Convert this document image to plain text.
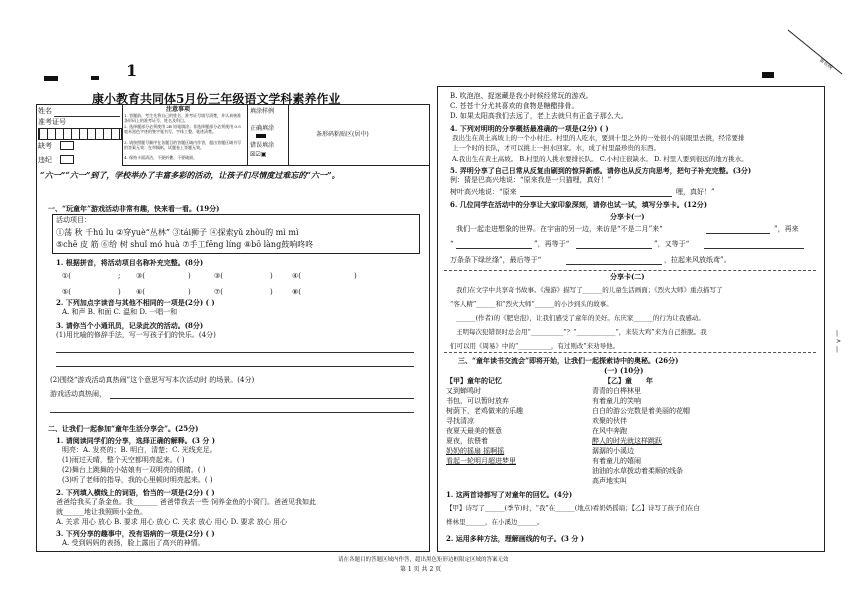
1	留在线
康小教育共同体5月份三年级语文学科素养作业
姓名
准考证号
缺考
违纪
注意事项
1. 答题前，考生先将自己的姓名、准考证号填写清楚，并认真核准条形码上的准考证号、姓名及科目。
2. 选择题部分必须使用 2B 铅笔填涂；非选择题部分必须使用 0.5 毫米黑色字迹的签字笔书写，字体工整、笔迹清楚。
3. 请按照题号顺序在各题目的答题区域内作答，超出答题区域书写的答案无效；在草稿纸、试题卷上答题无效。
4. 保持卡面清洁，不要折叠、不要破损。
填涂样例
正确填涂
错误填涂
☒☑▣
条形码粘贴区(居中)
“六一”“六一”到了，学校举办了丰富多彩的活动，让孩子们尽情度过难忘的“六一”。
一、“玩童年”游戏活动非常有趣，快来看一看。(19分)
活动项目：
①荡 秋 千hú lu ②穿yuè“丛林” ③tái狮子 ④探索yǔ zhòu的 mì mì
⑤chē 皮 筋 ⑥给 树 shuǐ mó huà ⑦手工fēng líng ⑧bō làng鼓响咚咚
1. 根据拼音，将活动项目名称补充完整。(8分)
①(	; ③(	)	③(	)	④(	)
⑤(	) ⑥(	)	⑦(	)	⑧(
2. 下列加点字读音与其他不相同的一项是(2分) ( )
A. 和声 B. 和面 C. 温和 D. 一唱一和
3. 请你当个小通讯员，记录此次的活动。(8分)
(1)用比喻的修辞手法，写一写孩子们的快乐。(4分)
(2)围绕“游戏活动真热闹”这个意思写写本次活动时 的场景。(4分)
游戏活动真热闹，
二、让我们一起参加“童年生活分享会”。(25分)
1. 请阅读同学们的分享，选择正确的解释。(3 分 )
明亮：A. 发亮的；B. 明白，清楚；C. 光线充足。
(1)雨过天晴，整个天空都明亮起来。( )
(2)舞台上跳舞的小姑娘有一双明亮的眼睛。( )
(3)听了老师的指导，我的心里顿时明亮起来。( )
2. 下列填入横线上的词语，恰当的一项是(2分) ( )
爸爸给我买了条金鱼。我_______ 爸爸带我去一些 饲养金鱼的小窝门。爸爸见我如此
就______地让我照顾小金鱼。
A. 关求 用心 放心 B. 要求 用心 放心 C. 关求 放心 用心 D. 要求 放心 用心
3. 下列分享的趣事中，没有语病的一项是(2分) ( )
A. 受到妈妈的表扬，脸上露出了高兴的神情。
B. 吹泡泡、捉迷藏是我小时候经常玩的游戏。
C. 苍苍十分尤其喜欢的食物是糖醋排骨。
D. 如果太阳高我们去远了，老上去就只有正盒子那么大。
4. 下列对明明的分享概括最准确的一项是(2分) ( )
我出生在黄土高坡上的一个小村庄。村里的人吃水，要到十里之外的一处很小的泉眼里去挑，经常要排
上一个时的长队，才可以挑上一担水回家。水，成了村里最珍贵的东西。
A.我出生在黄土高坡。 B.村里的人挑水要排长队。 C.小村庄很缺水。 D. 村里人要到很远的地方挑水。
5. 弄明分享了自己日常从反复由刷到的惊异新感。请你也从反方向思考，把句子补充完整。(3分)
例：猜是巴高兴地说：“原来我是一只猫哩，真好！”
树叶高兴地说：“原来	哩，真好！”
6. 几位同学在活动中的分享让大家印象深刻，请你也试一试，填写分享卡。(12分)
分享卡(一)
我们一起走进想象的世界。在宇宙的另一边，来访是“不是二月”来“	”，再来
“	”，再等于“	”，又等于“
万条条下绿丝绦”，最后等于“	，拉起来风放纸鸢”。
分享卡(二)
我们在文字中共享奇书故事。《漫游》描写了______的儿童生活画面；《烈火大师》重点描写了
“客人精”______和“烈火大师”______的小沙到头的故事。
______(作者)的《肥皂泡》，让我们感受了童年的美好。东庆家______的行为让我感动。
王明每次犯错误时总会用“__________”？“____________”，来装大鸡”来为自己推脱。我
们可以用《周易》中的“__________，有过则改”来劝导他。
三、“童年读书交流会”即将开始，让我们一起探索诗中的奥秘。(26分)
(一) (10分)
【甲】童年的记忆
又到蝉鸣时
书包，可以暂时放弃
树荫下，老鸡做来的乐趣
寻找清凉
夜夏天最美的惬意
夏夜，依偎着
奶奶的摇扇 摇啊摇
看起一轮明月超进梦里
【乙】童　　年
青青的白桦林里
有着童儿的笑响
白白的游公完数是着美丽的花帽
欢聚的伙伴
在风中奔跑
醉人的时光就这样跳跃
潺潺的小溪边
有着童儿的嬉闹
油油的水草拨动着柔顺的线条
高声地实叫
1. 这两首诗都写了对童年的回忆。(4分)
【甲】诗写了______(季节)时，“我”在______(地点)看奶奶摇扇；【乙】诗写了孩子们在白
桦林里______，在小溪边______。
2. 运用多种方法，理解画线的句子。(3 分 )
|
>
|
请在各题目的答题区域内作答，超出黑色矩形边框限定区域的答案无效
第 1 页 共 2 页
